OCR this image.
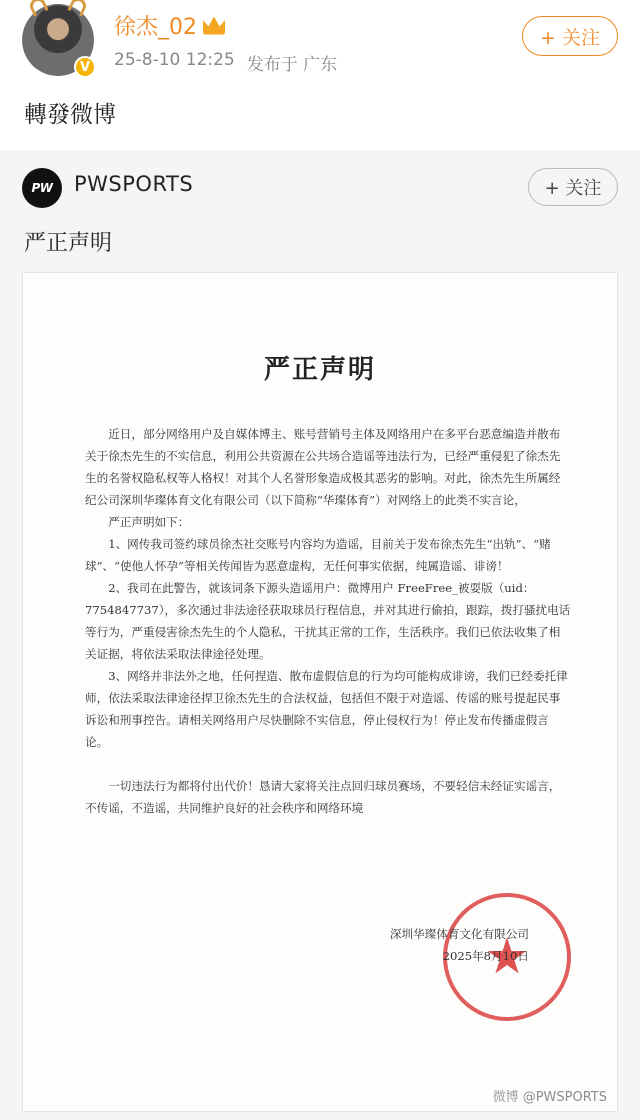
V
徐杰_02
25-8-10 12:25 发布于 广东
+ 关注
轉發微博
PW	PWSPORTS	+ 关注
严正声明
严正声明

近日，部分网络用户及自媒体博主、账号营销号主体及网络用户在多平台恶意编造并散布关于徐杰先生的不实信息，利用公共资源在公共场合造谣等违法行为，已经严重侵犯了徐杰先生的名誉权隐私权等人格权！对其个人名誉形象造成极其恶劣的影响。对此，徐杰先生所属经纪公司深圳华璨体育文化有限公司（以下简称“华璨体育”）对网络上的此类不实言论，

严正声明如下：

1、网传我司签约球员徐杰社交账号内容均为造谣，目前关于发布徐杰先生“出轨”、“赌球”、“使他人怀孕”等相关传闻皆为恶意虚构，无任何事实依据，纯属造谣、诽谤！

2、我司在此警告，就该词条下源头造谣用户：微博用户 FreeFree_被耍版（uid：7754847737），多次通过非法途径获取球员行程信息，并对其进行偷拍，跟踪，拨打骚扰电话等行为，严重侵害徐杰先生的个人隐私，干扰其正常的工作，生活秩序。我们已依法收集了相关证据，将依法采取法律途径处理。

3、网络并非法外之地，任何捏造、散布虚假信息的行为均可能构成诽谤，我们已经委托律师，依法采取法律途径捍卫徐杰先生的合法权益，包括但不限于对造谣、传谣的账号提起民事诉讼和刑事控告。请相关网络用户尽快删除不实信息，停止侵权行为！停止发布传播虚假言论。

一切违法行为都将付出代价！恳请大家将关注点回归球员赛场，不要轻信未经证实谣言，不传谣，不造谣，共同维护良好的社会秩序和网络环境

深圳华璨体育文化有限公司
2025年8月10日
微博 @PWSPORTS
